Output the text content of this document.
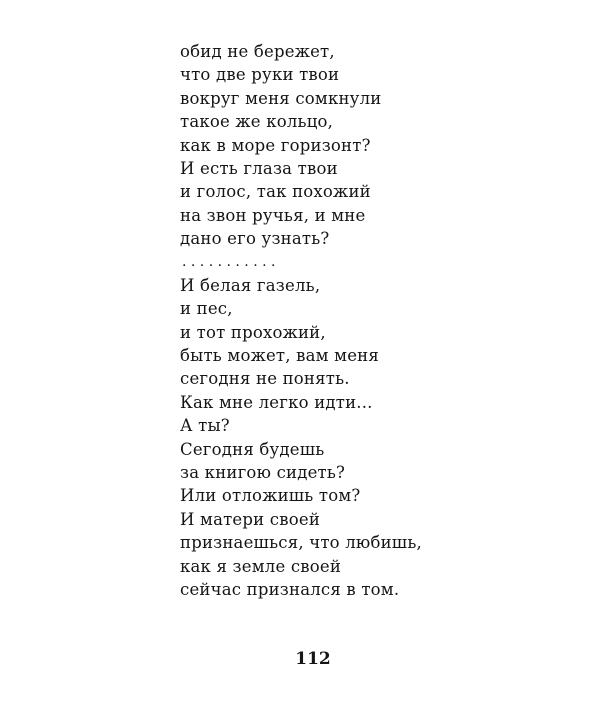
обид не бережет,
что две руки твои
вокруг меня сомкнули
такое же кольцо,
как в море горизонт?
И есть глаза твои
и голос, так похожий
на звон ручья, и мне
дано его узнать?
. . . . . . . . . . .
И белая газель,
и пес,
и тот прохожий,
быть может, вам меня
сегодня не понять.
Как мне легко идти...
А ты?
Сегодня будешь
за книгою сидеть?
Или отложишь том?
И матери своей
признаешься, что любишь,
как я земле своей
сейчас признался в том.
112
